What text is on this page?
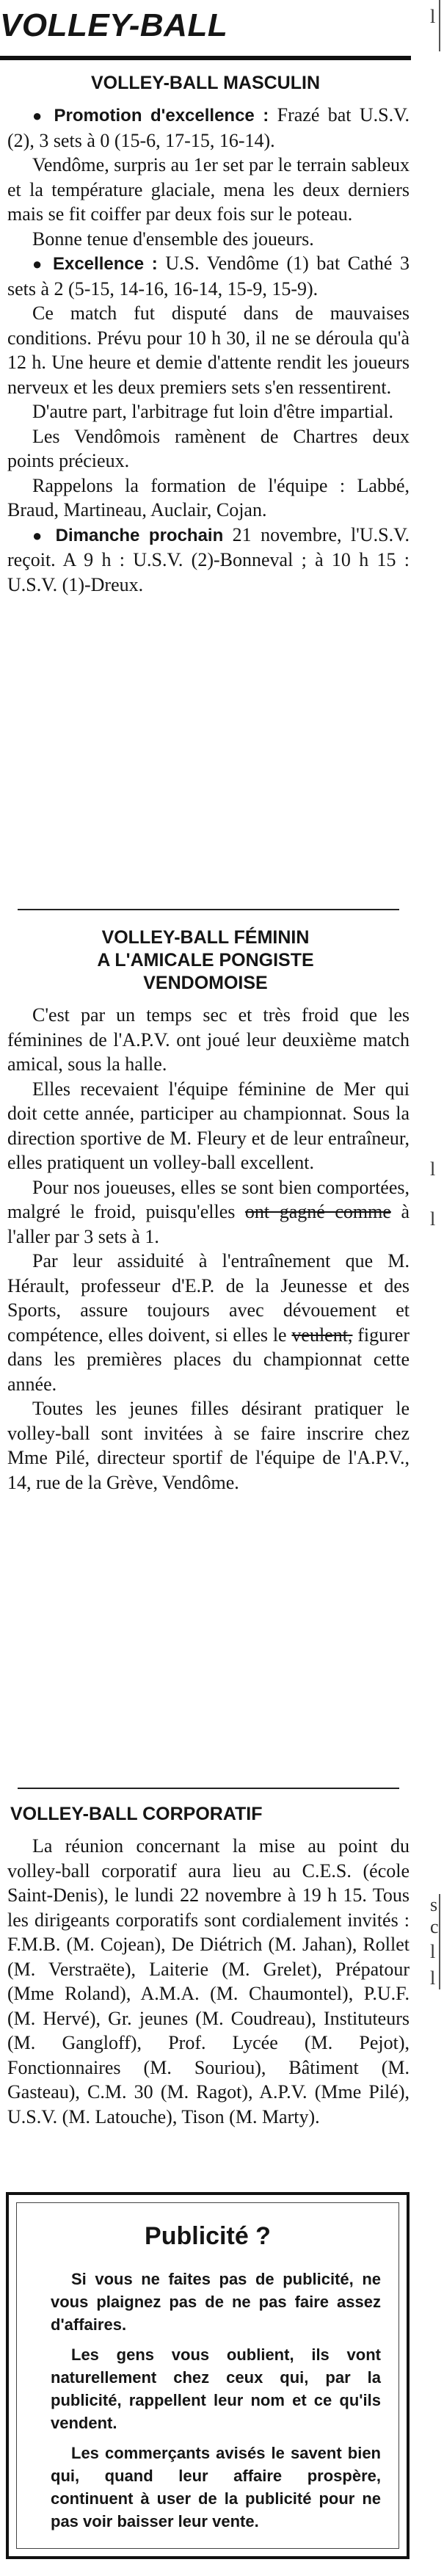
VOLLEY-BALL
VOLLEY-BALL MASCULIN

● Promotion d'excellence : Frazé bat U.S.V. (2), 3 sets à 0 (15-6, 17-15, 16-14).

Vendôme, surpris au 1er set par le terrain sableux et la température glaciale, mena les deux derniers mais se fit coiffer par deux fois sur le poteau.

Bonne tenue d'ensemble des joueurs.

● Excellence : U.S. Vendôme (1) bat Cathé 3 sets à 2 (5-15, 14-16, 16-14, 15-9, 15-9).

Ce match fut disputé dans de mauvaises conditions. Prévu pour 10 h 30, il ne se déroula qu'à 12 h. Une heure et demie d'attente rendit les joueurs nerveux et les deux premiers sets s'en ressentirent.

D'autre part, l'arbitrage fut loin d'être impartial.

Les Vendômois ramènent de Chartres deux points précieux.

Rappelons la formation de l'équipe : Labbé, Braud, Martineau, Auclair, Cojan.

● Dimanche prochain 21 novembre, l'U.S.V. reçoit. A 9 h : U.S.V. (2)-Bonneval ; à 10 h 15 : U.S.V. (1)-Dreux.

VOLLEY-BALL FÉMININ
A L'AMICALE PONGISTE
VENDOMOISE

C'est par un temps sec et très froid que les féminines de l'A.P.V. ont joué leur deuxième match amical, sous la halle.

Elles recevaient l'équipe féminine de Mer qui doit cette année, participer au championnat. Sous la direction sportive de M. Fleury et de leur entraîneur, elles pratiquent un volley-ball excellent.

Pour nos joueuses, elles se sont bien comportées, malgré le froid, puisqu'elles ont gagné comme à l'aller par 3 sets à 1.

Par leur assiduité à l'entraînement que M. Hérault, professeur d'E.P. de la Jeunesse et des Sports, assure toujours avec dévouement et compétence, elles doivent, si elles le veulent, figurer dans les premières places du championnat cette année.

Toutes les jeunes filles désirant pratiquer le volley-ball sont invitées à se faire inscrire chez Mme Pilé, directeur sportif de l'équipe de l'A.P.V., 14, rue de la Grève, Vendôme.

VOLLEY-BALL CORPORATIF

La réunion concernant la mise au point du volley-ball corporatif aura lieu au C.E.S. (école Saint-Denis), le lundi 22 novembre à 19 h 15. Tous les dirigeants corporatifs sont cordialement invités : F.M.B. (M. Cojean), De Diétrich (M. Jahan), Rollet (M. Verstraëte), Laiterie (M. Grelet), Prépatour (Mme Roland), A.M.A. (M. Chaumontel), P.U.F. (M. Hervé), Gr. jeunes (M. Coudreau), Instituteurs (M. Gangloff), Prof. Lycée (M. Pejot), Fonctionnaires (M. Souriou), Bâtiment (M. Gasteau), C.M. 30 (M. Ragot), A.P.V. (Mme Pilé), U.S.V. (M. Latouche), Tison (M. Marty).

Publicité ?

Si vous ne faites pas de publicité, ne vous plaignez pas de ne pas faire assez d'affaires.

Les gens vous oublient, ils vont naturellement chez ceux qui, par la publicité, rappellent leur nom et ce qu'ils vendent.

Les commerçants avisés le savent bien qui, quand leur affaire prospère, continuent à user de la publicité pour ne pas voir baisser leur vente.

l
l
l
s
c
l
l
